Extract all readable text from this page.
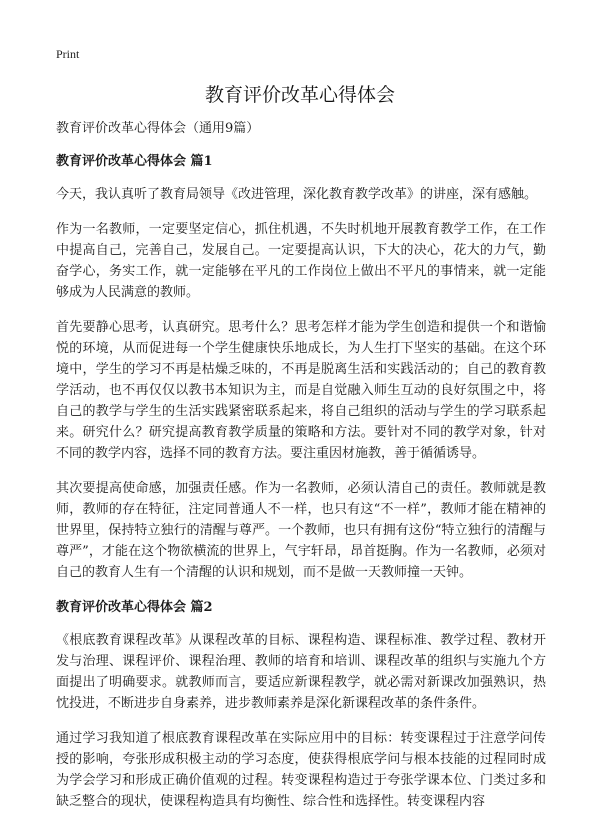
Print
教育评价改革心得体会

教育评价改革心得体会（通用9篇）

教育评价改革心得体会 篇1

今天，我认真听了教育局领导《改进管理，深化教育教学改革》的讲座，深有感触。

作为一名教师，一定要坚定信心，抓住机遇，不失时机地开展教育教学工作，在工作中提高自己，完善自己，发展自己。一定要提高认识，下大的决心，花大的力气，勤奋学心，务实工作，就一定能够在平凡的工作岗位上做出不平凡的事情来，就一定能够成为人民满意的教师。

首先要静心思考，认真研究。思考什么？思考怎样才能为学生创造和提供一个和谐愉悦的环境，从而促进每一个学生健康快乐地成长，为人生打下坚实的基础。在这个环境中，学生的学习不再是枯燥乏味的，不再是脱离生活和实践活动的；自己的教育教学活动，也不再仅仅以教书本知识为主，而是自觉融入师生互动的良好氛围之中，将自己的教学与学生的生活实践紧密联系起来，将自己组织的活动与学生的学习联系起来。研究什么？研究提高教育教学质量的策略和方法。要针对不同的教学对象，针对不同的教学内容，选择不同的教育方法。要注重因材施教，善于循循诱导。

其次要提高使命感，加强责任感。作为一名教师，必须认清自己的责任。教师就是教师，教师的存在特征，注定同普通人不一样，也只有这“不一样”，教师才能在精神的世界里，保持特立独行的清醒与尊严。一个教师，也只有拥有这份“特立独行的清醒与尊严”，才能在这个物欲横流的世界上，气宇轩昂，昂首挺胸。作为一名教师，必须对自己的教育人生有一个清醒的认识和规划，而不是做一天教师撞一天钟。

教育评价改革心得体会 篇2

《根底教育课程改革》从课程改革的目标、课程构造、课程标准、教学过程、教材开发与治理、课程评价、课程治理、教师的培育和培训、课程改革的组织与实施九个方面提出了明确要求。就教师而言，要适应新课程教学，就必需对新课改加强熟识，热忱投进，不断进步自身素养，进步教师素养是深化新课程改革的条件条件。

通过学习我知道了根底教育课程改革在实际应用中的目标：转变课程过于注意学问传授的影响，夸张形成积极主动的学习态度，使获得根底学问与根本技能的过程同时成为学会学习和形成正确价值观的过程。转变课程构造过于夸张学课本位、门类过多和缺乏整合的现状，使课程构造具有均衡性、综合性和选择性。转变课程内容
